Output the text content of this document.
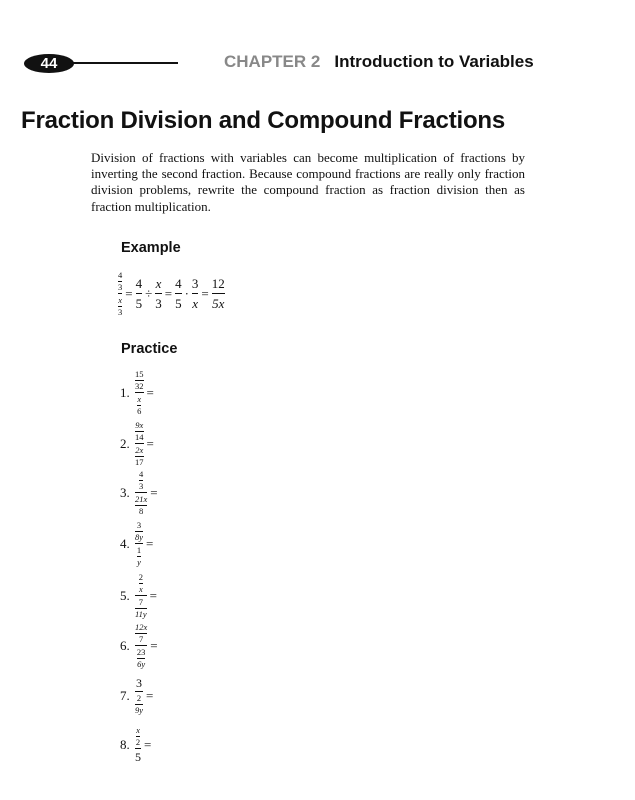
44	CHAPTER 2 Introduction to Variables
Fraction Division and Compound Fractions

Division of fractions with variables can become multiplication of fractions by inverting the second fraction. Because compound fractions are really only fraction division problems, rewrite the compound fraction as fraction division then as fraction multiplication.

Example
$\frac{\frac{4}{3}}{\frac{x}{3}} = \frac{4}{5} \div \frac{x}{3} = \frac{4}{5} \cdot \frac{3}{x} = \frac{12}{5x}$
Practice
1. $\frac{\frac{15}{32}}{\frac{x}{6}}$ =
2. $\frac{\frac{9x}{14}}{\frac{2x}{17}}$ =
3. $\frac{\frac{4}{3}}{\frac{21x}{8}}$ =
4. $\frac{\frac{3}{8y}}{\frac{1}{y}}$ =
5. $\frac{\frac{2}{x}}{\frac{7}{11y}}$ =
6. $\frac{\frac{12x}{7}}{\frac{23}{6y}}$ =
7. $\frac{3}{\frac{2}{9y}}$ =
8. $\frac{\frac{x}{2}}{5}$ =
